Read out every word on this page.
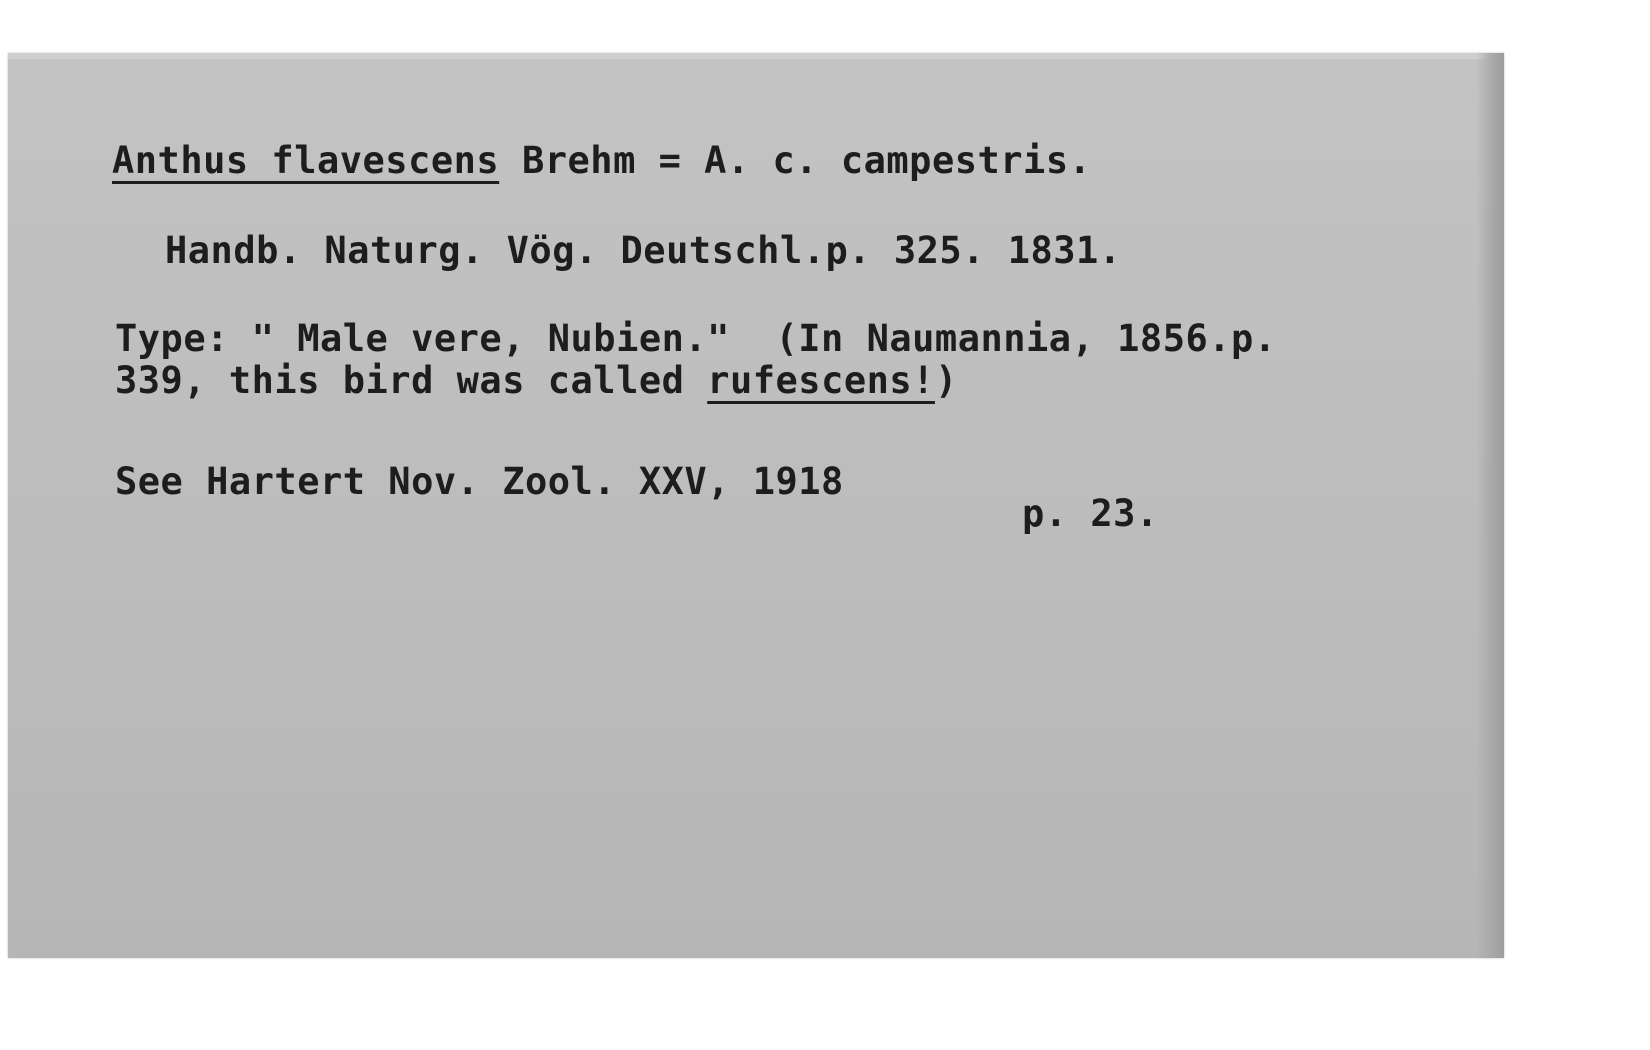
Anthus flavescens Brehm = A. c. campestris.
Handb. Naturg. Vög. Deutschl.p. 325. 1831.
Type: " Male vere, Nubien."  (In Naumannia, 1856.p.
339, this bird was called rufescens!)
See Hartert Nov. Zool. XXV, 1918
p. 23.
